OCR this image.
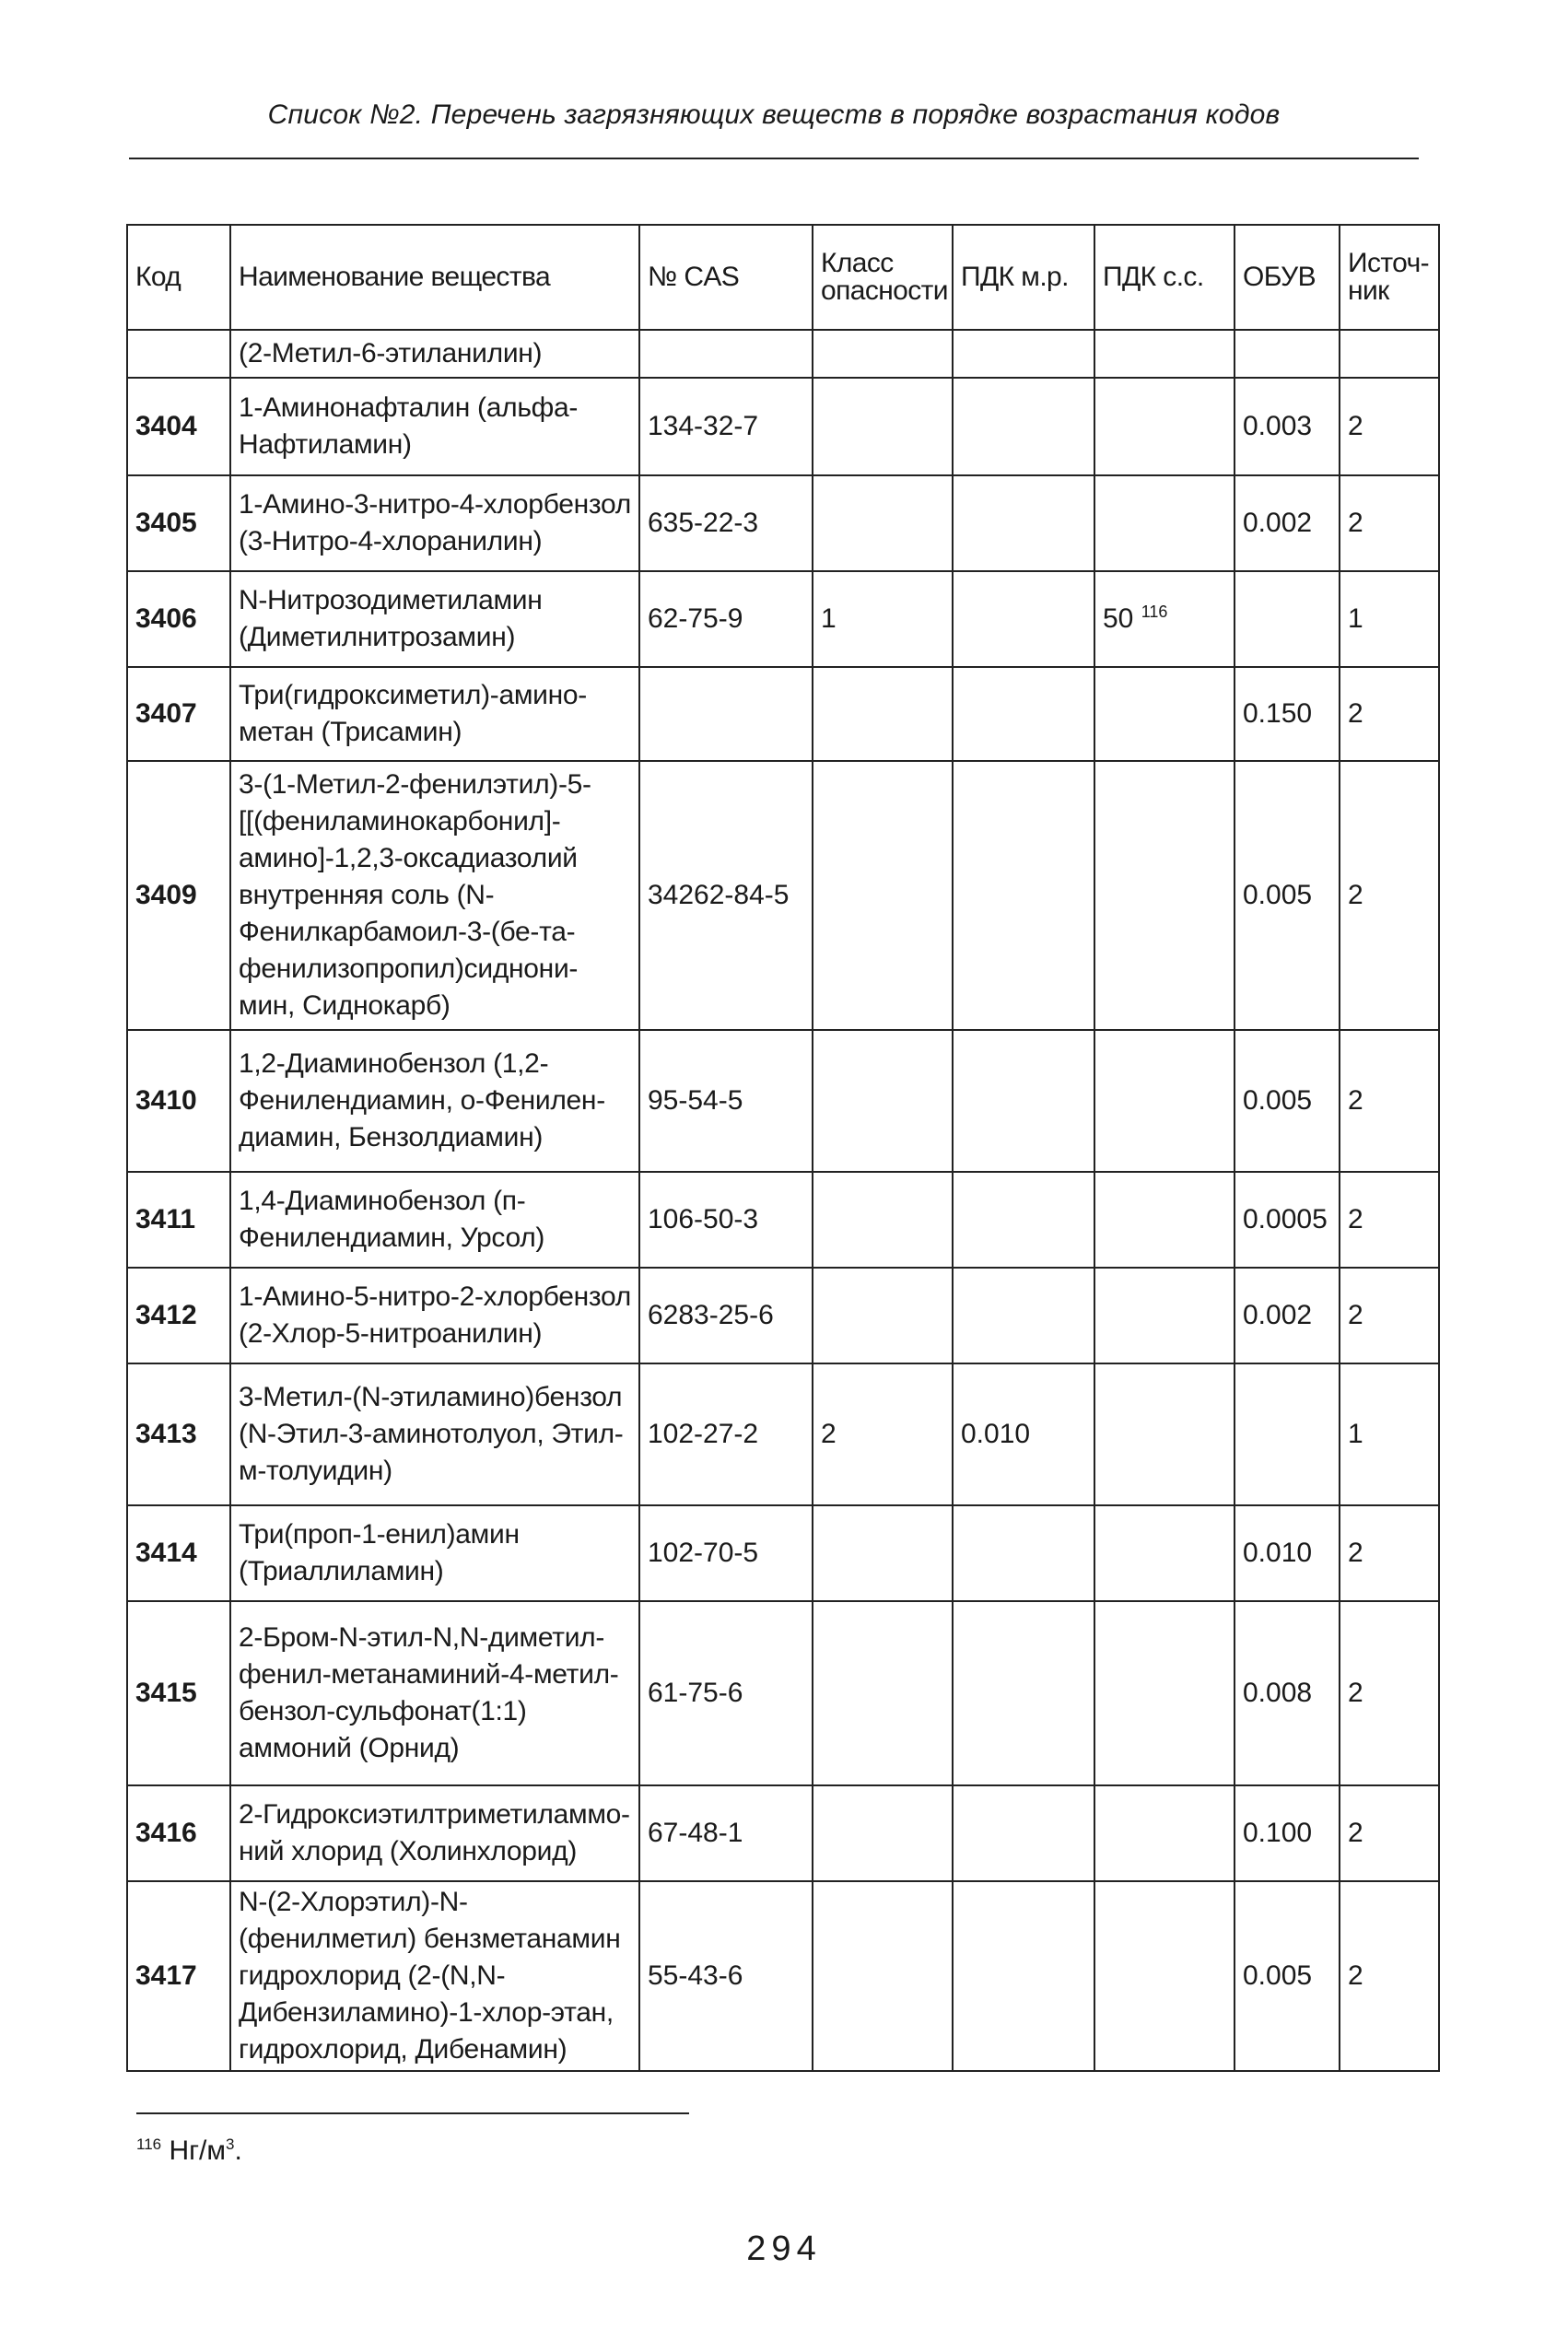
Список №2. Перечень загрязняющих веществ в порядке возрастания кодов
Код	Наименование вещества	№ CAS	Класс опасности	ПДК м.р.	ПДК с.с.	ОБУВ	Источ-ник
	(2-Метил-6-этиланилин)						
3404	1-Аминонафталин (альфа-Нафтиламин)	134-32-7				0.003	2
3405	1-Амино-3-нитро-4-хлорбензол (3-Нитро-4-хлоранилин)	635-22-3				0.002	2
3406	N-Нитрозодиметиламин (Диметилнитрозамин)	62-75-9	1		50 $^{116}$		1
3407	Три(гидроксиметил)-амино-метан (Трисамин)					0.150	2
3409	3-(1-Метил-2-фенилэтил)-5-[[(фениламинокарбонил]-амино]-1,2,3-оксадиазолий внутренняя соль (N-Фенилкарбамоил-3-(бе-та-фенилизопропил)сиднони-мин, Сиднокарб)	34262-84-5				0.005	2
3410	1,2-Диаминобензол (1,2-Фенилендиамин, о-Фенилен-диамин, Бензолдиамин)	95-54-5				0.005	2
3411	1,4-Диаминобензол (п-Фенилендиамин, Урсол)	106-50-3				0.0005	2
3412	1-Амино-5-нитро-2-хлорбензол (2-Хлор-5-нитроанилин)	6283-25-6				0.002	2
3413	3-Метил-(N-этиламино)бензол (N-Этил-3-аминотолуол, Этил-м-толуидин)	102-27-2	2	0.010			1
3414	Три(проп-1-енил)амин (Триаллиламин)	102-70-5				0.010	2
3415	2-Бром-N-этил-N,N-диметил-фенил-метанаминий-4-метил-бензол-сульфонат(1:1) аммоний (Орнид)	61-75-6				0.008	2
3416	2-Гидроксиэтилтриметиламмо-ний хлорид (Холинхлорид)	67-48-1				0.100	2
3417	N-(2-Хлорэтил)-N-(фенилметил) бензметанамин гидрохлорид (2-(N,N-Дибензиламино)-1-хлор-этан, гидрохлорид, Дибенамин)	55-43-6				0.005	2
$^{116}$ $Нг/м^3$.
294
